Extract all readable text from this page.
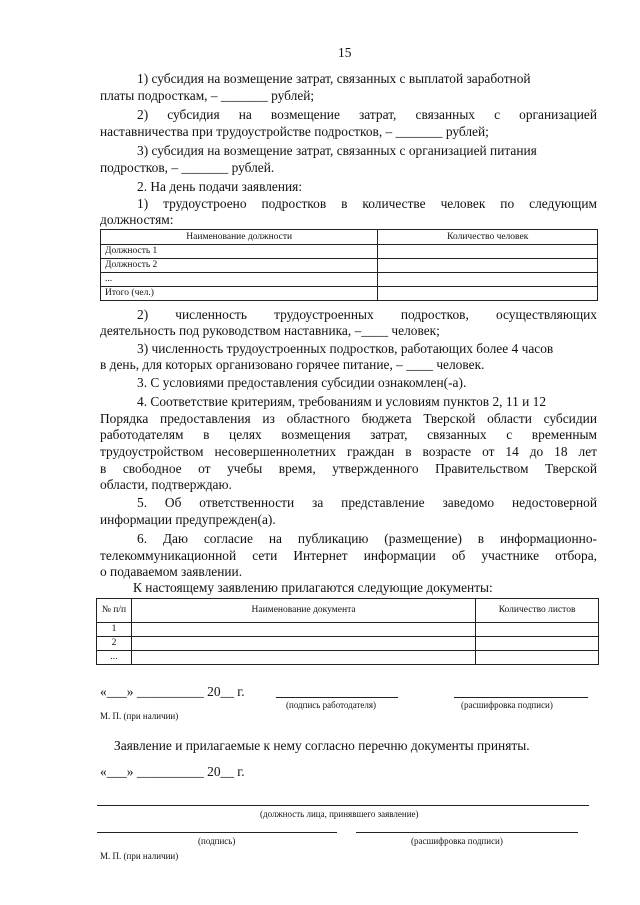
15
1) субсидия на возмещение затрат, связанных с выплатой заработной
платы подросткам, – _______ рублей;
2) субсидия на возмещение затрат, связанных с организацией
наставничества при трудоустройстве подростков, – _______ рублей;
3) субсидия на возмещение затрат, связанных с организацией питания
подростков, – _______ рублей.
2. На день подачи заявления:
1) трудоустроено подростков в количестве человек по следующим
должностям:
Наименование должности	Количество человек
Должность 1	
Должность 2	
...	
Итого (чел.)	
2) численность трудоустроенных подростков, осуществляющих
деятельность под руководством наставника, –____ человек;
3) численность трудоустроенных подростков, работающих более 4 часов
в день, для которых организовано горячее питание, – ____ человек.
3. С условиями предоставления субсидии ознакомлен(-а).
4. Соответствие критериям, требованиям и условиям пунктов 2, 11 и 12
Порядка предоставления из областного бюджета Тверской области субсидии
работодателям в целях возмещения затрат, связанных с временным
трудоустройством несовершеннолетних граждан в возрасте от 14 до 18 лет
в свободное от учебы время, утвержденного Правительством Тверской
области, подтверждаю.
5. Об ответственности за представление заведомо недостоверной
информации предупрежден(а).
6. Даю согласие на публикацию (размещение) в информационно-
телекоммуникационной сети Интернет информации об участнике отбора,
о подаваемом заявлении.
К настоящему заявлению прилагаются следующие документы:
№ п/п	Наименование документа	Количество листов
1		
2		
...		
«___» __________ 20__ г.
(подпись работодателя)	(расшифровка подписи)
М. П. (при наличии)
Заявление и прилагаемые к нему согласно перечню документы приняты.
«___» __________ 20__ г.
(должность лица, принявшего заявление)
(подпись)	(расшифровка подписи)
М. П. (при наличии)
